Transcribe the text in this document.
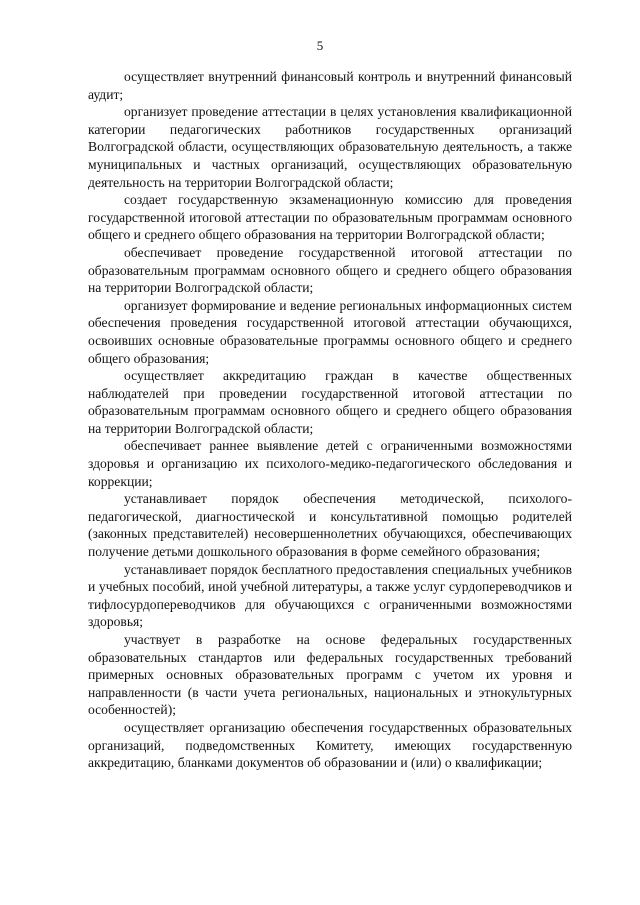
5

осуществляет внутренний финансовый контроль и внутренний финансовый аудит;

организует проведение аттестации в целях установления квалификационной категории педагогических работников государственных организаций Волгоградской области, осуществляющих образовательную деятельность, а также муниципальных и частных организаций, осуществляющих образовательную деятельность на территории Волгоградской области;

создает государственную экзаменационную комиссию для проведения государственной итоговой аттестации по образовательным программам основного общего и среднего общего образования на территории Волгоградской области;

обеспечивает проведение государственной итоговой аттестации по образовательным программам основного общего и среднего общего образования на территории Волгоградской области;

организует формирование и ведение региональных информационных систем обеспечения проведения государственной итоговой аттестации обучающихся, освоивших основные образовательные программы основного общего и среднего общего образования;

осуществляет аккредитацию граждан в качестве общественных наблюдателей при проведении государственной итоговой аттестации по образовательным программам основного общего и среднего общего образования на территории Волгоградской области;

обеспечивает раннее выявление детей с ограниченными возможностями здоровья и организацию их психолого-медико-педагогического обследования и коррекции;

устанавливает порядок обеспечения методической, психолого-педагогической, диагностической и консультативной помощью родителей (законных представителей) несовершеннолетних обучающихся, обеспечивающих получение детьми дошкольного образования в форме семейного образования;

устанавливает порядок бесплатного предоставления специальных учебников и учебных пособий, иной учебной литературы, а также услуг сурдопереводчиков и тифлосурдопереводчиков для обучающихся с ограниченными возможностями здоровья;

участвует в разработке на основе федеральных государственных образовательных стандартов или федеральных государственных требований примерных основных образовательных программ с учетом их уровня и направленности (в части учета региональных, национальных и этнокультурных особенностей);

осуществляет организацию обеспечения государственных образовательных организаций, подведомственных Комитету, имеющих государственную аккредитацию, бланками документов об образовании и (или) о квалификации;
